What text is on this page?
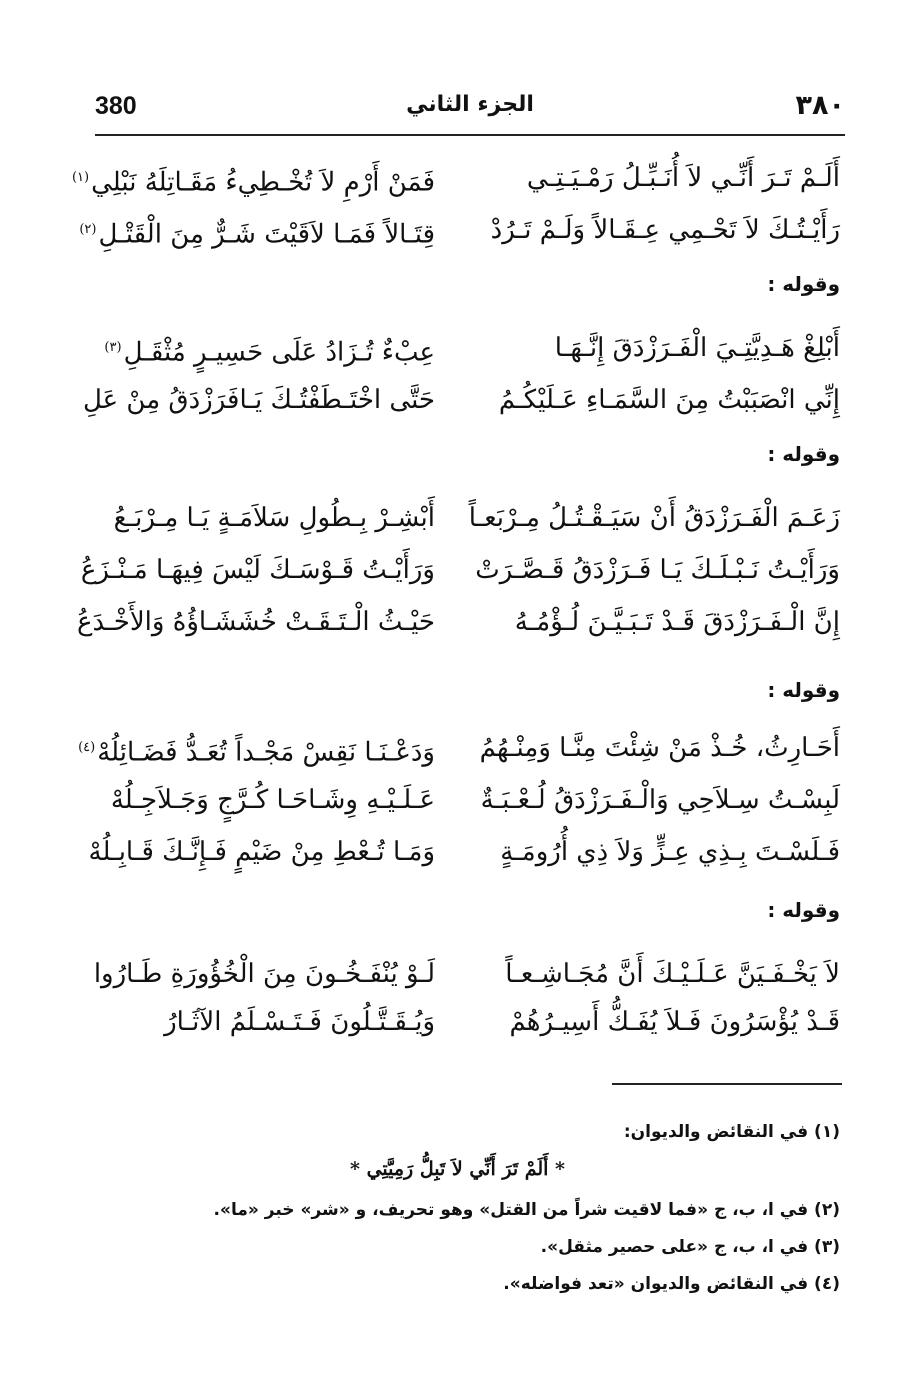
380	الجزء الثاني	٣٨٠
أَلَـمْ تَـرَ أَنِّـي لاَ أُنَـبِّـلُ رَمْـيَـتِـي
فَمَنْ أَرْمِ لاَ تُخْـطِيءُ مَقَـاتِلَهُ نَبْلِي$^{(١)}$
رَأَيْـتُـكَ لاَ تَحْـمِي عِـقَـالاً وَلَـمْ تَـرُدْ
قِتَـالاً فَمَـا لاَقَيْتَ شَـرٌّ مِنَ الْقَتْـلِ$^{(٢)}$
وقوله :
أَبْلِغْ هَـدِيَّتِـيَ الْفَـرَزْدَقَ إِنَّـهَـا
عِبْءٌ تُـزَادُ عَلَى حَسِيـرٍ مُثْقَـلِ$^{(٣)}$
إِنِّي انْصَبَبْتُ مِنَ السَّمَـاءِ عَـلَيْكُـمُ
حَتَّى اخْتَـطَفْتُـكَ يَـافَرَزْدَقُ مِنْ عَلِ
وقوله :
زَعَـمَ الْفَـرَزْدَقُ أَنْ سَيَـقْـتُـلُ مِـرْبَعـاً
أَبْشِـرْ بِـطُولِ سَلاَمَـةٍ يَـا مِـرْبَـعُ
وَرَأَيْـتُ نَـبْـلَـكَ يَـا فَـرَزْدَقُ قَـصَّـرَتْ
وَرَأَيْـتُ قَـوْسَـكَ لَيْسَ فِيهَـا مَـنْـزَعُ
إِنَّ الْـفَـرَزْدَقَ قَـدْ تَـبَـيَّـنَ لُـؤْمُـهُ
حَيْـثُ الْـتَـقَـتْ خُشَشَـاؤُهُ وَالأَخْـدَعُ
وقوله :
أَحَـارِثُ، خُـذْ مَنْ شِئْتَ مِنَّـا وَمِنْـهُمُ
وَدَعْـنَـا نَقِسْ مَجْـداً تُعَـدُّ فَضَـائِلُهْ$^{(٤)}$
لَبِسْـتُ سِـلاَحِي وَالْـفَـرَزْدَقُ لُـعْـبَـةٌ
عَـلَـيْـهِ وِشَـاحَـا كُـرَّجٍ وَجَـلاَجِـلُهْ
فَـلَسْـتَ بِـذِي عِـزٍّ وَلاَ ذِي أُرُومَـةٍ
وَمَـا تُـعْطِ مِنْ ضَيْمٍ فَـإِنَّـكَ قَـابِـلُهْ
وقوله :
لاَ يَخْـفَـيَنَّ عَـلَـيْـكَ أَنَّ مُجَـاشِـعـاً
لَـوْ يُنْفَـخُـونَ مِنَ الْخُؤُورَةِ طَـارُوا
قَـدْ يُؤْسَرُونَ فَـلاَ يُفَـكُّ أَسِيـرُهُمْ
وَيُـقَـتَّـلُونَ فَـتَـسْـلَمُ الآثَـارُ
(١) في النقائض والديوان:
* أَلَمْ تَرَ أَنِّي لاَ تَبِلُّ رَمِيَّتِي *
(٢) في ا، ب، ج «فما لاقيت شراً من القتل» وهو تحريف، و «شر» خبر «ما».
(٣) في ا، ب، ج «على حصير مثقل».
(٤) في النقائض والديوان «تعد فواضله».
